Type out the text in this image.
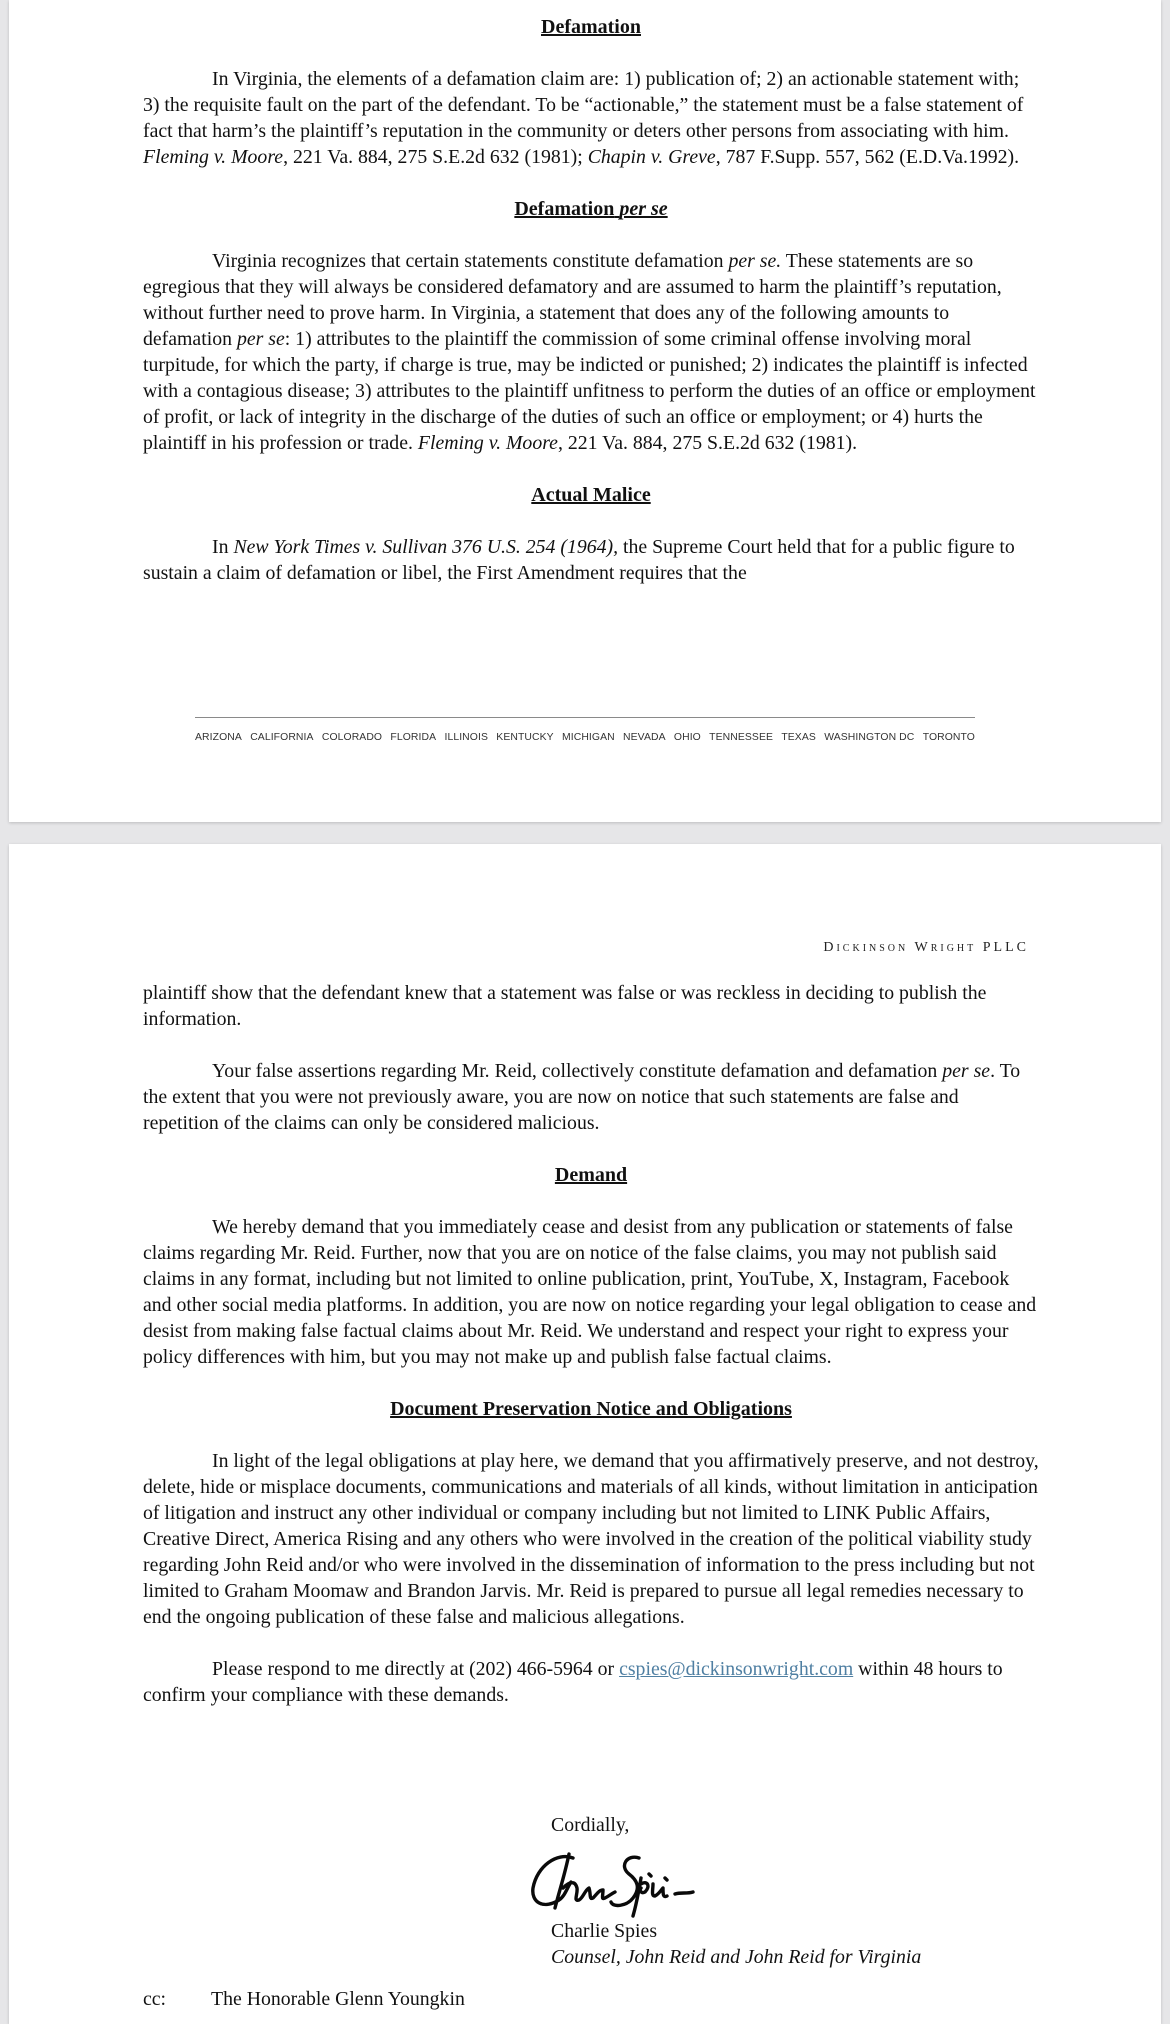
Defamation

In Virginia, the elements of a defamation claim are: 1) publication of; 2) an actionable statement with; 3) the requisite fault on the part of the defendant. To be “actionable,” the statement must be a false statement of fact that harm’s the plaintiff’s reputation in the community or deters other persons from associating with him. Fleming v. Moore, 221 Va. 884, 275 S.E.2d 632 (1981); Chapin v. Greve, 787 F.Supp. 557, 562 (E.D.Va.1992).

Defamation per se

Virginia recognizes that certain statements constitute defamation per se. These statements are so egregious that they will always be considered defamatory and are assumed to harm the plaintiff’s reputation, without further need to prove harm. In Virginia, a statement that does any of the following amounts to defamation per se: 1) attributes to the plaintiff the commission of some criminal offense involving moral turpitude, for which the party, if charge is true, may be indicted or punished; 2) indicates the plaintiff is infected with a contagious disease; 3) attributes to the plaintiff unfitness to perform the duties of an office or employment of profit, or lack of integrity in the discharge of the duties of such an office or employment; or 4) hurts the plaintiff in his profession or trade. Fleming v. Moore, 221 Va. 884, 275 S.E.2d 632 (1981).

Actual Malice

In New York Times v. Sullivan 376 U.S. 254 (1964), the Supreme Court held that for a public figure to sustain a claim of defamation or libel, the First Amendment requires that the

ARIZONA CALIFORNIA COLORADO FLORIDA ILLINOIS KENTUCKY MICHIGAN NEVADA OHIO TENNESSEE TEXAS WASHINGTON DC TORONTO
Dickinson Wright PLLC

plaintiff show that the defendant knew that a statement was false or was reckless in deciding to publish the information.

Your false assertions regarding Mr. Reid, collectively constitute defamation and defamation per se. To the extent that you were not previously aware, you are now on notice that such statements are false and repetition of the claims can only be considered malicious.

Demand

We hereby demand that you immediately cease and desist from any publication or statements of false claims regarding Mr. Reid. Further, now that you are on notice of the false claims, you may not publish said claims in any format, including but not limited to online publication, print, YouTube, X, Instagram, Facebook and other social media platforms. In addition, you are now on notice regarding your legal obligation to cease and desist from making false factual claims about Mr. Reid. We understand and respect your right to express your policy differences with him, but you may not make up and publish false factual claims.

Document Preservation Notice and Obligations

In light of the legal obligations at play here, we demand that you affirmatively preserve, and not destroy, delete, hide or misplace documents, communications and materials of all kinds, without limitation in anticipation of litigation and instruct any other individual or company including but not limited to LINK Public Affairs, Creative Direct, America Rising and any others who were involved in the creation of the political viability study regarding John Reid and/or who were involved in the dissemination of information to the press including but not limited to Graham Moomaw and Brandon Jarvis. Mr. Reid is prepared to pursue all legal remedies necessary to end the ongoing publication of these false and malicious allegations.

Please respond to me directly at (202) 466-5964 or cspies@dickinsonwright.com within 48 hours to confirm your compliance with these demands.

Cordially,

Charlie Spies

Counsel, John Reid and John Reid for Virginia

cc: The Honorable Glenn Youngkin
